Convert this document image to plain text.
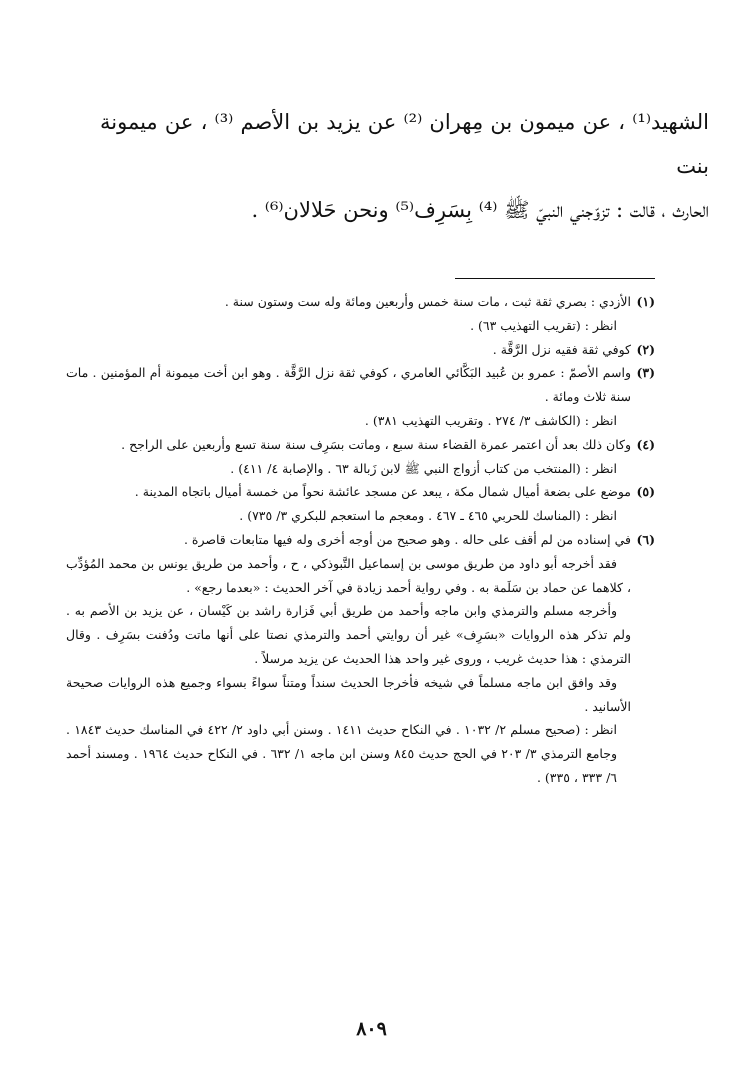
الشهيد⁽¹⁾ ، عن ميمون بن مِهران ⁽²⁾ عن يزيد بن الأصم ⁽³⁾ ، عن ميمونة بنت

الحارث ، قالت : تزوّجني النبيّ ﷺ ⁽⁴⁾ بِسَرِف⁽⁵⁾ ونحن حَلالان⁽⁶⁾ .

(١)

الأزدي : بصري ثقة ثبت ، مات سنة خمس وأربعين ومائة وله ست وستون سنة .

انظر : (تقريب التهذيب ٦٣) .

(٢)

كوفي ثقة فقيه نزل الرَّقَّة .

(٣)

واسم الأصمّ : عمرو بن عُبيد البَكَّائي العامري ، كوفي ثقة نزل الرَّقَّة . وهو ابن أخت ميمونة أم المؤمنين . مات سنة ثلاث ومائة .

انظر : (الكاشف ٣/ ٢٧٤ . وتقريب التهذيب ٣٨١) .

(٤)

وكان ذلك بعد أن اعتمر عمرة القضاء سنة سبع ، وماتت بسَرِف سنة سنة تسع وأربعين على الراجح .

انظر : (المنتخب من كتاب أزواج النبي ﷺ لابن زَبالة ٦٣ . والإصابة ٤/ ٤١١) .

(٥)

موضع على بضعة أميال شمال مكة ، يبعد عن مسجد عائشة نحواً من خمسة أميال باتجاه المدينة .

انظر : (المناسك للحربي ٤٦٥ ـ ٤٦٧ . ومعجم ما استعجم للبكري ٣/ ٧٣٥) .

(٦)

في إسناده من لم أقف على حاله . وهو صحيح من أوجه أخرى وله فيها متابعات قاصرة .

فقد أخرجه أبو داود من طريق موسى بن إسماعيل التَّبوذكي ، ح ، وأحمد من طريق يونس بن محمد المُؤدِّب ، كلاهما عن حماد بن سَلَمة به . وفي رواية أحمد زيادة في آخر الحديث : «بعدما رجع» .

وأخرجه مسلم والترمذي وابن ماجه وأحمد من طريق أبي فَزارة راشد بن كَيْسان ، عن يزيد بن الأصم به . ولم تذكر هذه الروايات «بسَرِف» غير أن روايتي أحمد والترمذي نصتا على أنها ماتت ودُفنت بسَرِف . وقال الترمذي : هذا حديث غريب ، وروى غير واحد هذا الحديث عن يزيد مرسلاً .

وقد وافق ابن ماجه مسلماً في شيخه فأخرجا الحديث سنداً ومتناً سواءً بسواء وجميع هذه الروايات صحيحة الأسانيد .

انظر : (صحيح مسلم ٢/ ١٠٣٢ . في النكاح حديث ١٤١١ . وسنن أبي داود ٢/ ٤٢٢ في المناسك حديث ١٨٤٣ . وجامع الترمذي ٣/ ٢٠٣ في الحج حديث ٨٤٥ وسنن ابن ماجه ١/ ٦٣٢ . في النكاح حديث ١٩٦٤ . ومسند أحمد ٦/ ٣٣٣ ، ٣٣٥) .

٨٠٩
